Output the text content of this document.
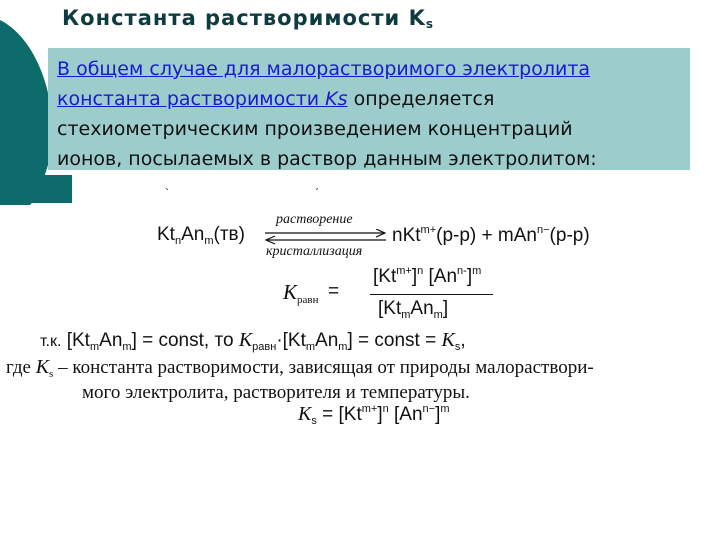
Константа растворимости $K_s$
В общем случае для малорастворимого электролита
константа растворимости Ks определяется
стехиометрическим произведением концентраций
ионов, посылаемых в раствор данным электролитом:
`	ˊ
$Kt_nAn_m(тв)$
растворение
кристаллизация
nKt$^{m+}$(р-р) + mAn$^{n-}$(р-р)
$K_{равн}$ =
$[Kt^{m+}]^n$ $[An^{n-}]^m$
$[Kt_mAn_m]$
т.к. $[Kt_mAn_m]$ = const, то $K_{равн}\cdot[Kt_mAn_m]$ = const = $K_s$,
где $K_s$ – константа растворимости, зависящая от природы малораствори-
мого электролита, растворителя и температуры.
$K_s = [Kt^{m+}]^n$ $[An^{n-}]^m$
